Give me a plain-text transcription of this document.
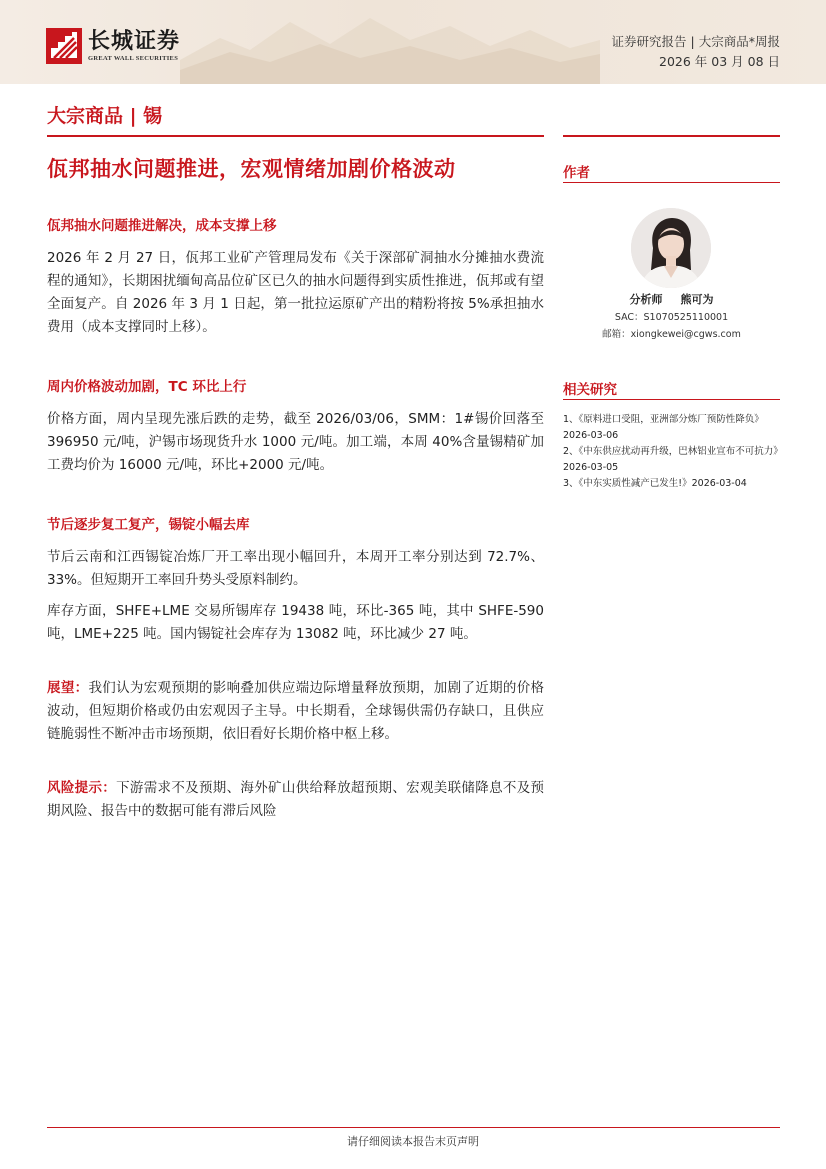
长城证券
GREAT WALL SECURITIES
证券研究报告 | 大宗商品*周报
2026 年 03 月 08 日
大宗商品 | 锡
佤邦抽水问题推进，宏观情绪加剧价格波动
佤邦抽水问题推进解决，成本支撑上移

2026 年 2 月 27 日，佤邦工业矿产管理局发布《关于深部矿洞抽水分摊抽水费流程的通知》，长期困扰缅甸高品位矿区已久的抽水问题得到实质性推进，佤邦或有望全面复产。自 2026 年 3 月 1 日起，第一批拉运原矿产出的精粉将按 5%承担抽水费用（成本支撑同时上移）。

周内价格波动加剧，TC 环比上行

价格方面，周内呈现先涨后跌的走势，截至 2026/03/06，SMM：1#锡价回落至 396950 元/吨，沪锡市场现货升水 1000 元/吨。加工端，本周 40%含量锡精矿加工费均价为 16000 元/吨，环比+2000 元/吨。

节后逐步复工复产，锡锭小幅去库

节后云南和江西锡锭冶炼厂开工率出现小幅回升，本周开工率分别达到 72.7%、33%。但短期开工率回升势头受原料制约。

库存方面，SHFE+LME 交易所锡库存 19438 吨，环比-365 吨，其中 SHFE-590 吨，LME+225 吨。国内锡锭社会库存为 13082 吨，环比减少 27 吨。

展望：我们认为宏观预期的影响叠加供应端边际增量释放预期，加剧了近期的价格波动，但短期价格或仍由宏观因子主导。中长期看，全球锡供需仍存缺口，且供应链脆弱性不断冲击市场预期，依旧看好长期价格中枢上移。

风险提示：下游需求不及预期、海外矿山供给释放超预期、宏观美联储降息不及预期风险、报告中的数据可能有滞后风险

作者
分析师 熊可为
SAC：S1070525110001
邮箱：xiongkewei@cgws.com
相关研究

1、《原料进口受阻，亚洲部分炼厂预防性降负》2026-03-06

2、《中东供应扰动再升级，巴林铝业宣布不可抗力》2026-03-05

3、《中东实质性减产已发生!》2026-03-04

请仔细阅读本报告末页声明
